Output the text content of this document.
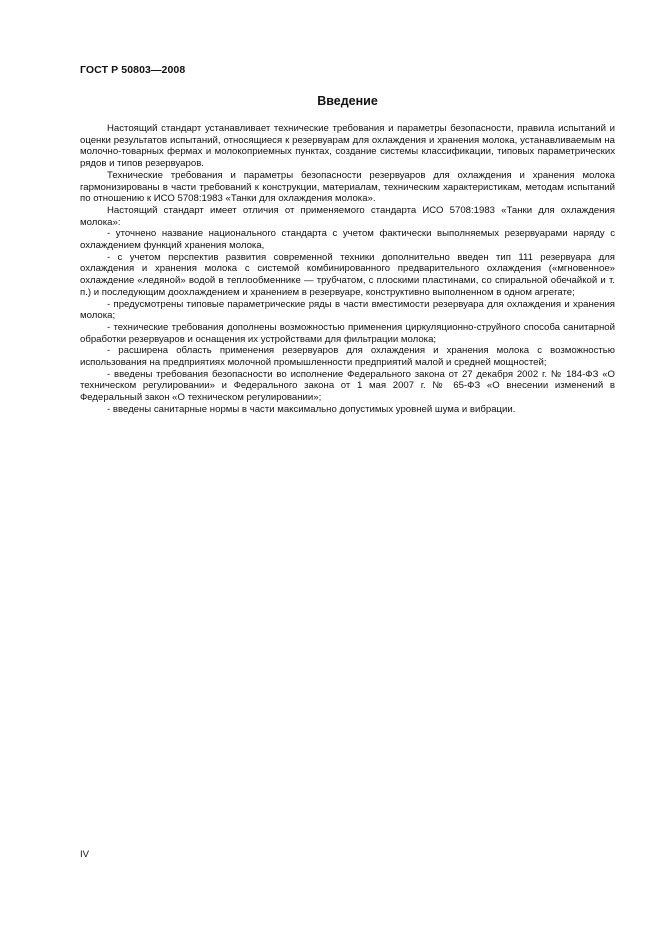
ГОСТ Р 50803—2008
Введение

Настоящий стандарт устанавливает технические требования и параметры безопасности, правила испытаний и оценки результатов испытаний, относящиеся к резервуарам для охлаждения и хранения молока, устанавливаемым на молочно-товарных фермах и молокоприемных пунктах, создание системы классификации, типовых параметрических рядов и типов резервуаров.

Технические требования и параметры безопасности резервуаров для охлаждения и хранения молока гармонизированы в части требований к конструкции, материалам, техническим характеристикам, методам испытаний по отношению к ИСО 5708:1983 «Танки для охлаждения молока».

Настоящий стандарт имеет отличия от применяемого стандарта ИСО 5708:1983 «Танки для охлаждения молока»:

- уточнено название национального стандарта с учетом фактически выполняемых резервуарами наряду с охлаждением функций хранения молока,

- с учетом перспектив развития современной техники дополнительно введен тип 111 резервуара для охлаждения и хранения молока с системой комбинированного предварительного охлаждения («мгновенное» охлаждение «ледяной» водой в теплообменнике — трубчатом, с плоскими пластинами, со спиральной обечайкой и т. п.) и последующим доохлаждением и хранением в резервуаре, конструктивно выполненном в одном агрегате;

- предусмотрены типовые параметрические ряды в части вместимости резервуара для охлаждения и хранения молока;

- технические требования дополнены возможностью применения циркуляционно-струйного способа санитарной обработки резервуаров и оснащения их устройствами для фильтрации молока;

- расширена область применения резервуаров для охлаждения и хранения молока с возможностью использования на предприятиях молочной промышленности предприятий малой и средней мощностей;

- введены требования безопасности во исполнение Федерального закона от 27 декабря 2002 г. № 184-ФЗ «О техническом регулировании» и Федерального закона от 1 мая 2007 г. № 65-ФЗ «О внесении изменений в Федеральный закон «О техническом регулировании»;

- введены санитарные нормы в части максимально допустимых уровней шума и вибрации.

IV
